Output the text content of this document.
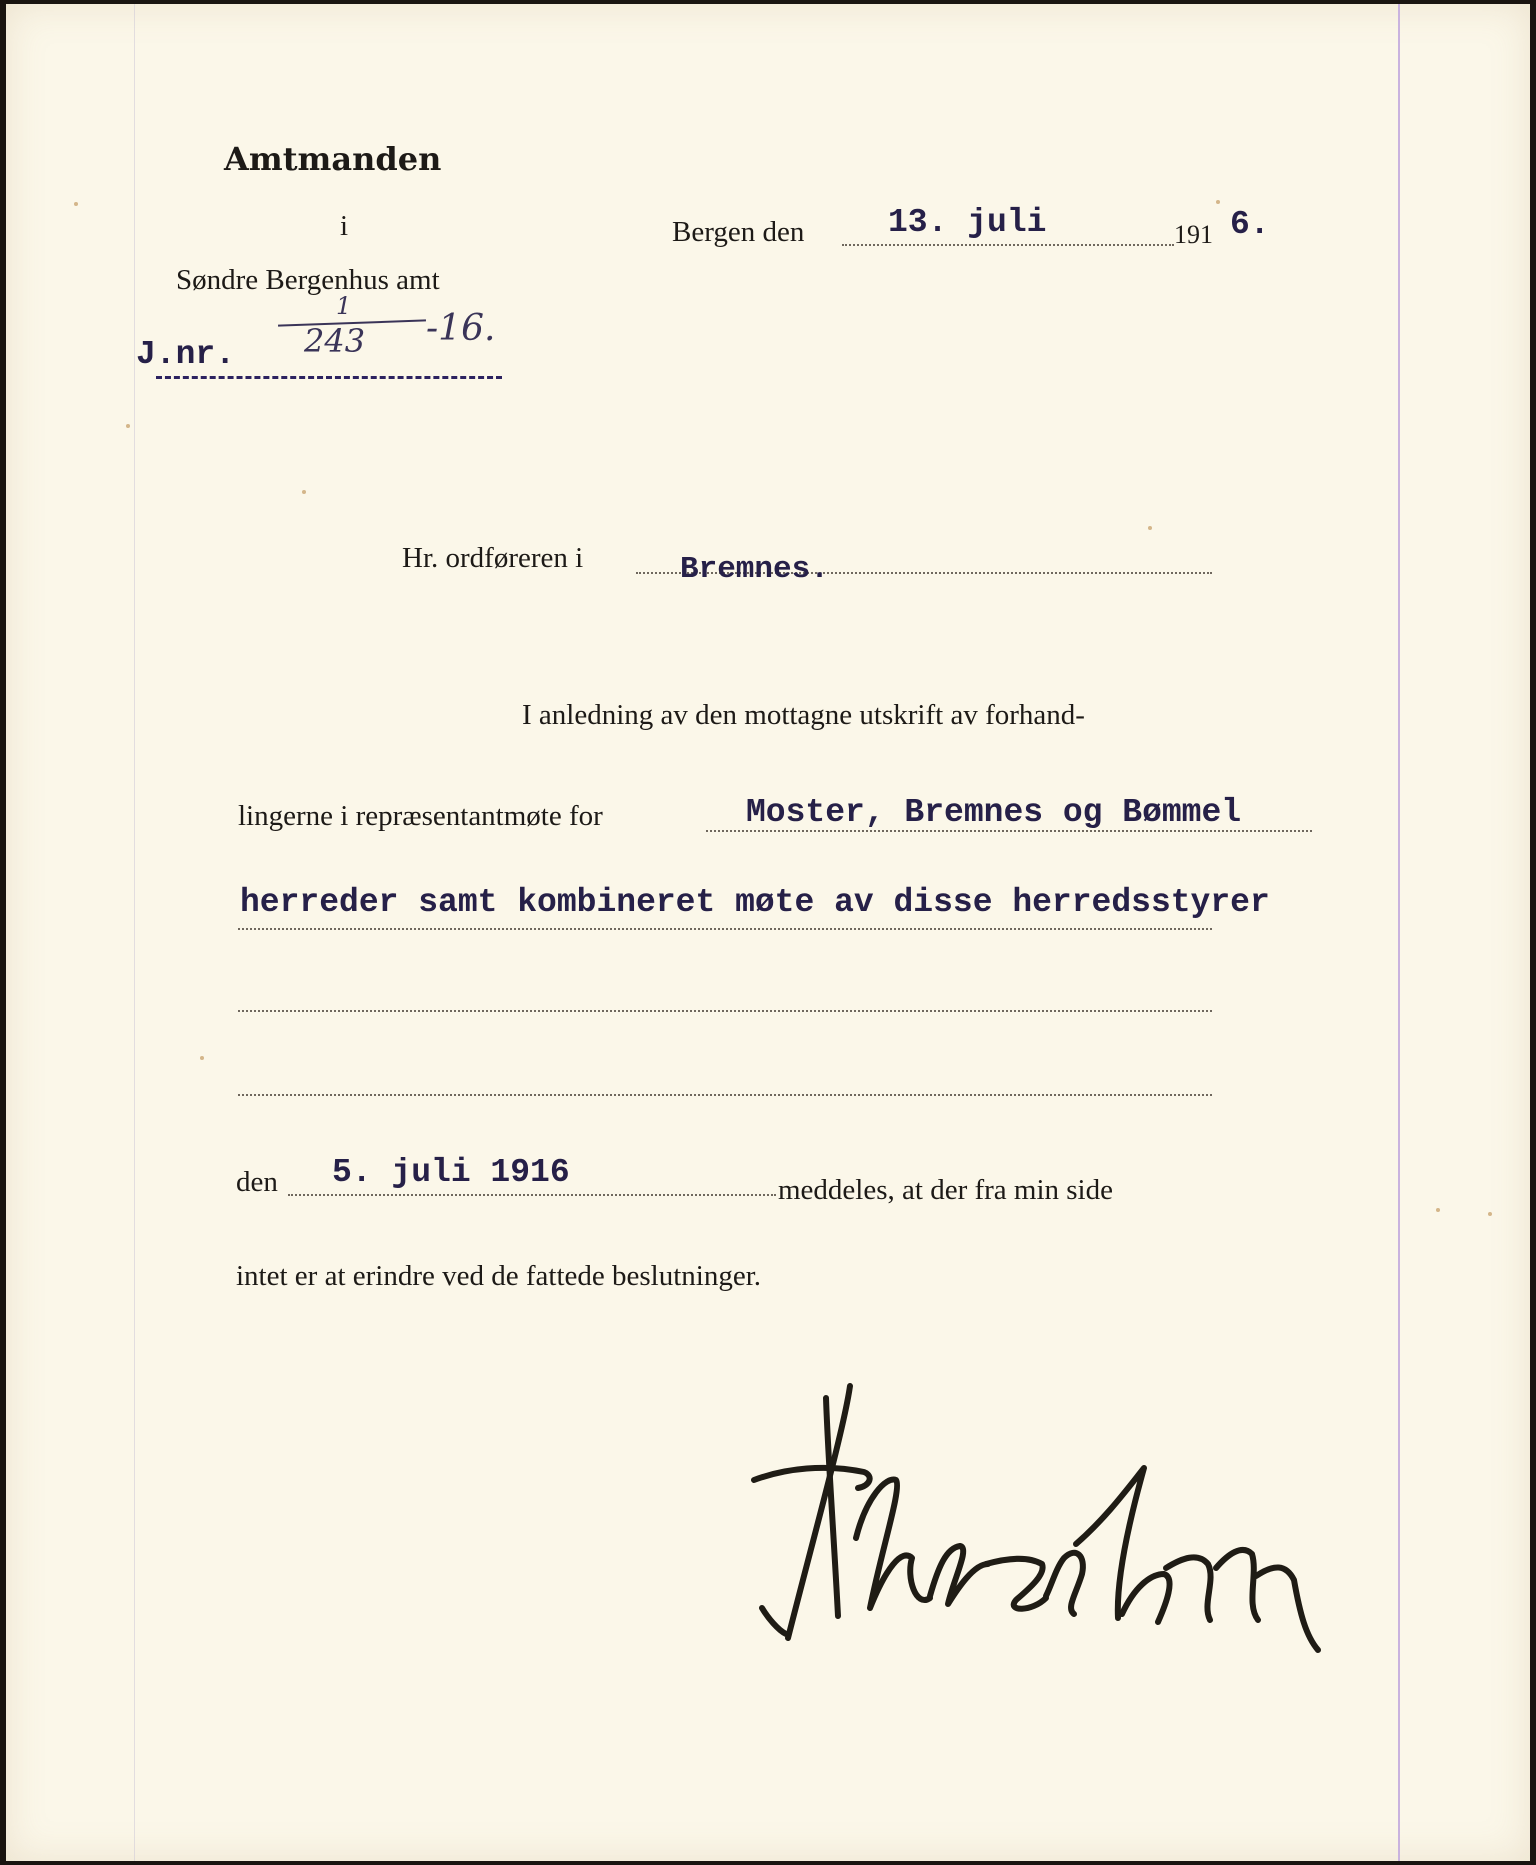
Amtmanden
i
Søndre Bergenhus amt
J.nr.
1
243 -16.
Bergen den	13. juli	191 6.
Hr. ordføreren i	Bremnes.
I anledning av den mottagne utskrift av forhand-
lingerne i repræsentantmøte for	Moster, Bremnes og Bømmel
herreder samt kombineret møte av disse herredsstyrer
den 5. juli 1916	meddeles, at der fra min side
intet er at erindre ved de fattede beslutninger.
